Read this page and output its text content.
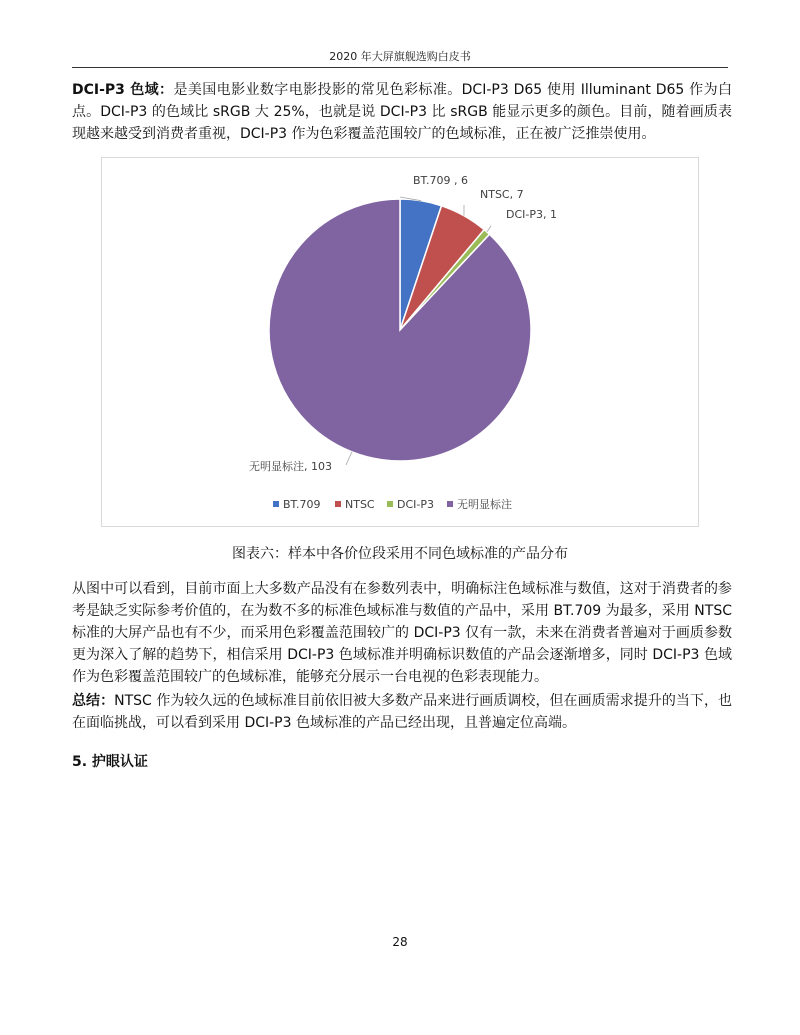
2020 年大屏旗舰选购白皮书

DCI-P3 色域：是美国电影业数字电影投影的常见色彩标准。DCI-P3 D65 使用 Illuminant D65 作为白点。DCI-P3 的色域比 sRGB 大 25%，也就是说 DCI-P3 比 sRGB 能显示更多的颜色。目前，随着画质表现越来越受到消费者重视，DCI-P3 作为色彩覆盖范围较广的色域标准，正在被广泛推崇使用。

BT.709 , 6
NTSC, 7
DCI-P3, 1
无明显标注, 103
BT.709 NTSC DCI-P3 无明显标注
图表六：样本中各价位段采用不同色域标准的产品分布

从图中可以看到，目前市面上大多数产品没有在参数列表中，明确标注色域标准与数值，这对于消费者的参考是缺乏实际参考价值的，在为数不多的标准色域标准与数值的产品中，采用 BT.709 为最多，采用 NTSC 标准的大屏产品也有不少，而采用色彩覆盖范围较广的 DCI-P3 仅有一款，未来在消费者普遍对于画质参数更为深入了解的趋势下，相信采用 DCI-P3 色域标准并明确标识数值的产品会逐渐增多，同时 DCI-P3 色域作为色彩覆盖范围较广的色域标准，能够充分展示一台电视的色彩表现能力。

总结：NTSC 作为较久远的色域标准目前依旧被大多数产品来进行画质调校，但在画质需求提升的当下，也在面临挑战，可以看到采用 DCI-P3 色域标准的产品已经出现，且普遍定位高端。

5. 护眼认证
28
